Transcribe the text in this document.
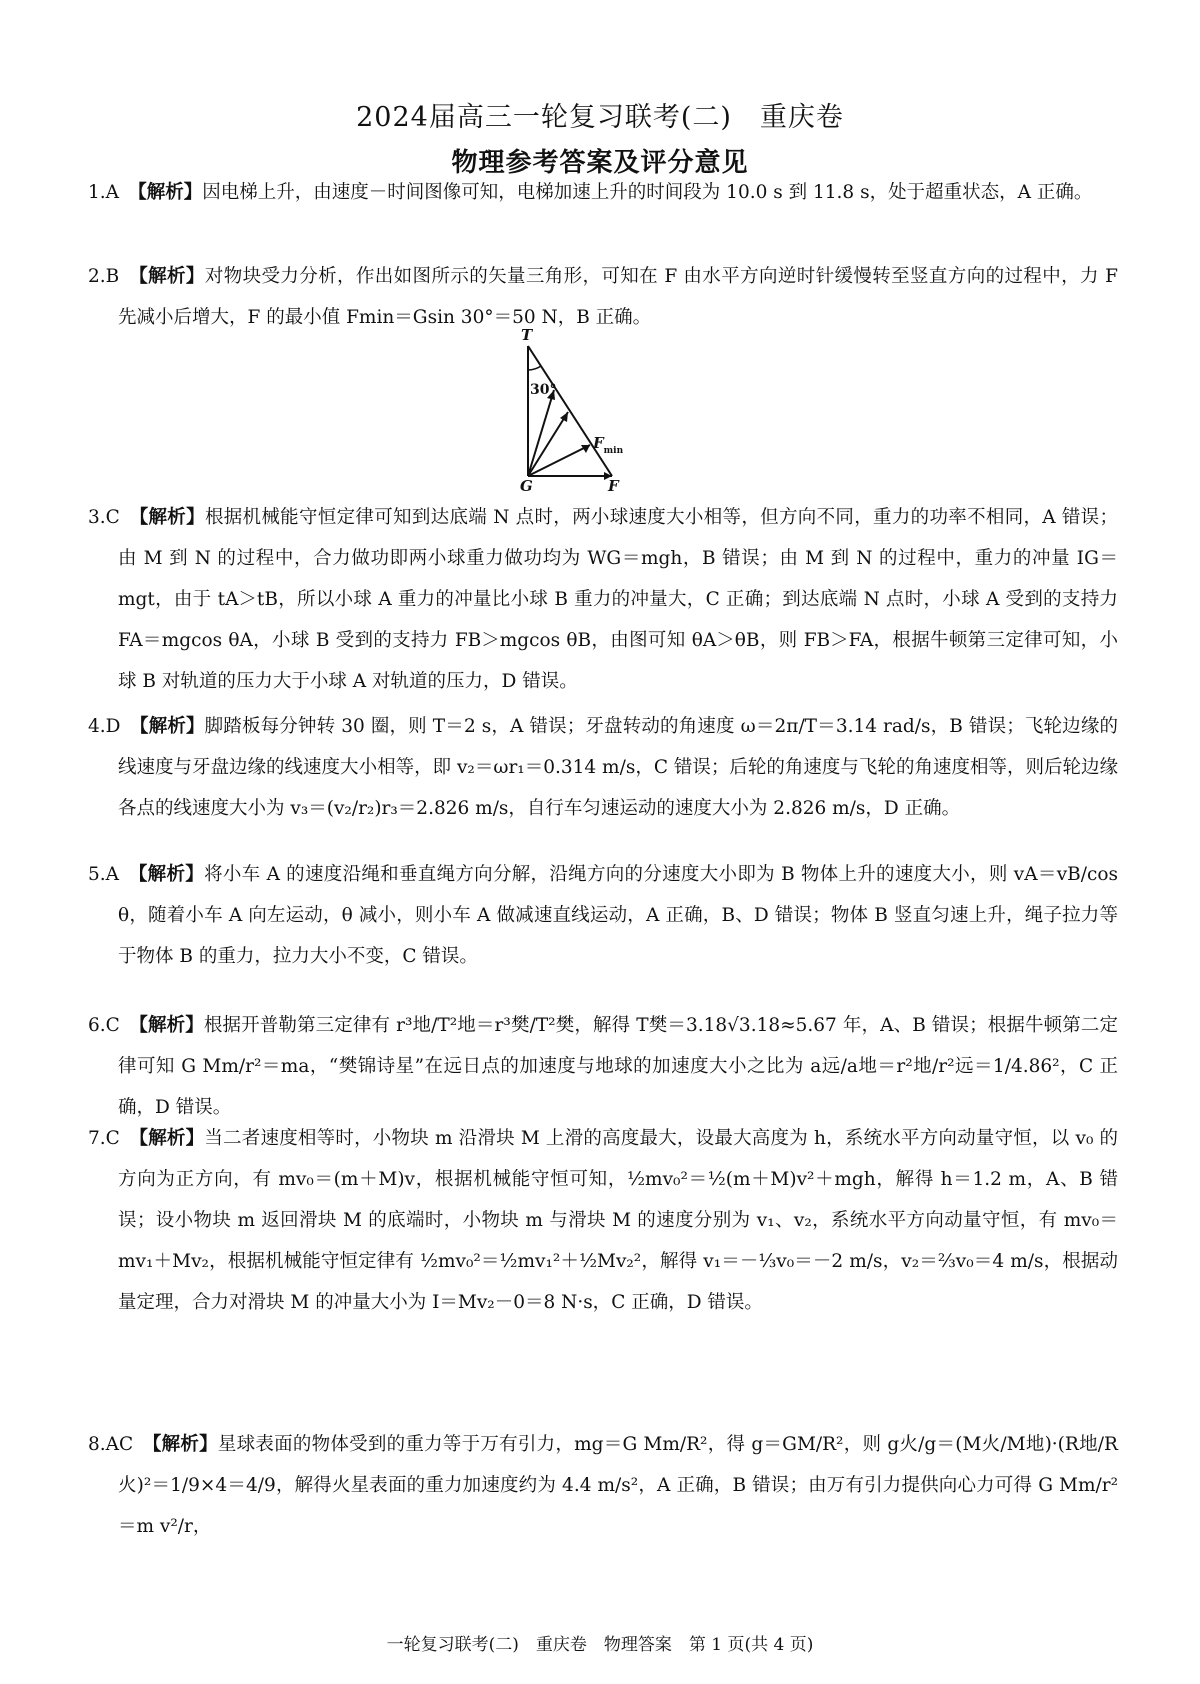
2024届高三一轮复习联考(二)　重庆卷
物理参考答案及评分意见
1.A　 【解析】因电梯上升，由速度－时间图像可知，电梯加速上升的时间段为 10.0 s 到 11.8 s，处于超重状态，A 正确。
2.B　 【解析】对物块受力分析，作出如图所示的矢量三角形，可知在 F 由水平方向逆时针缓慢转至竖直方向的过程中，力 F 先减小后增大，F 的最小值 Fmin＝Gsin 30°＝50 N，B 正确。
T
30°
$F_{min}$
G	F
3.C　 【解析】根据机械能守恒定律可知到达底端 N 点时，两小球速度大小相等，但方向不同，重力的功率不相同，A 错误；由 M 到 N 的过程中，合力做功即两小球重力做功均为 WG＝mgh，B 错误；由 M 到 N 的过程中，重力的冲量 IG＝mgt，由于 tA＞tB，所以小球 A 重力的冲量比小球 B 重力的冲量大，C 正确；到达底端 N 点时，小球 A 受到的支持力 FA＝mgcos θA，小球 B 受到的支持力 FB＞mgcos θB，由图可知 θA＞θB，则 FB＞FA，根据牛顿第三定律可知，小球 B 对轨道的压力大于小球 A 对轨道的压力，D 错误。
4.D　 【解析】脚踏板每分钟转 30 圈，则 T＝2 s，A 错误；牙盘转动的角速度 ω＝2π/T＝3.14 rad/s，B 错误；飞轮边缘的线速度与牙盘边缘的线速度大小相等，即 v₂＝ωr₁＝0.314 m/s，C 错误；后轮的角速度与飞轮的角速度相等，则后轮边缘各点的线速度大小为 v₃＝(v₂/r₂)r₃＝2.826 m/s，自行车匀速运动的速度大小为 2.826 m/s，D 正确。
5.A　 【解析】将小车 A 的速度沿绳和垂直绳方向分解，沿绳方向的分速度大小即为 B 物体上升的速度大小，则 vA＝vB/cos θ，随着小车 A 向左运动，θ 减小，则小车 A 做减速直线运动，A 正确，B、D 错误；物体 B 竖直匀速上升，绳子拉力等于物体 B 的重力，拉力大小不变，C 错误。
6.C　 【解析】根据开普勒第三定律有 r³地/T²地＝r³樊/T²樊，解得 T樊＝3.18√3.18≈5.67 年，A、B 错误；根据牛顿第二定律可知 G Mm/r²＝ma，“樊锦诗星”在远日点的加速度与地球的加速度大小之比为 a远/a地＝r²地/r²远＝1/4.86²，C 正确，D 错误。
7.C　 【解析】当二者速度相等时，小物块 m 沿滑块 M 上滑的高度最大，设最大高度为 h，系统水平方向动量守恒，以 v₀ 的方向为正方向，有 mv₀＝(m＋M)v，根据机械能守恒可知，½mv₀²＝½(m＋M)v²＋mgh，解得 h＝1.2 m，A、B 错误；设小物块 m 返回滑块 M 的底端时，小物块 m 与滑块 M 的速度分别为 v₁、v₂，系统水平方向动量守恒，有 mv₀＝mv₁＋Mv₂，根据机械能守恒定律有 ½mv₀²＝½mv₁²＋½Mv₂²，解得 v₁＝－⅓v₀＝－2 m/s，v₂＝⅔v₀＝4 m/s，根据动量定理，合力对滑块 M 的冲量大小为 I＝Mv₂－0＝8 N·s，C 正确，D 错误。
8.AC　 【解析】星球表面的物体受到的重力等于万有引力，mg＝G Mm/R²，得 g＝GM/R²，则 g火/g＝(M火/M地)·(R地/R火)²＝1/9×4＝4/9，解得火星表面的重力加速度约为 4.4 m/s²，A 正确，B 错误；由万有引力提供向心力可得 G Mm/r²＝m v²/r，
一轮复习联考(二)　重庆卷　物理答案　第 1 页(共 4 页)
